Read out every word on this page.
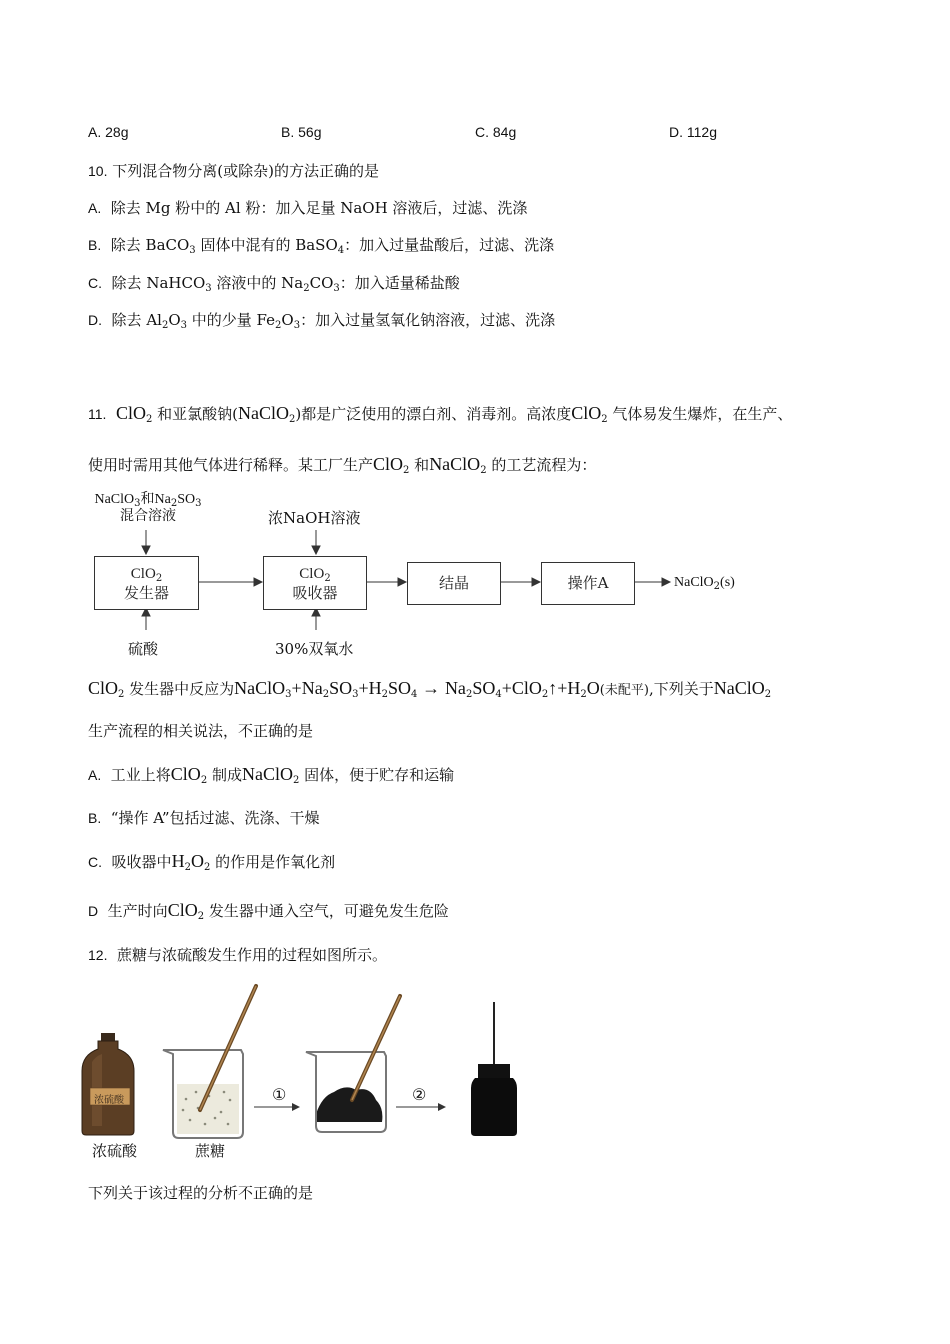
A. 28g	B. 56g	C. 84g	D. 112g
10. 下列混合物分离(或除杂)的方法正确的是
A. 除去 Mg 粉中的 Al 粉：加入足量 NaOH 溶液后，过滤、洗涤
B. 除去 BaCO$_3$ 固体中混有的 BaSO$_4$：加入过量盐酸后，过滤、洗涤
C. 除去 NaHCO$_3$ 溶液中的 $Na_2CO_3$：加入适量稀盐酸
D. 除去 $Al_2O_3$ 中的少量 $Fe_2O_3$：加入过量氢氧化钠溶液，过滤、洗涤
11. ClO$_2$ 和亚氯酸钠(NaClO$_2$)都是广泛使用的漂白剂、消毒剂。高浓度ClO$_2$ 气体易发生爆炸，在生产、
使用时需用其他气体进行稀释。某工厂生产ClO$_2$ 和NaClO$_2$ 的工艺流程为：
NaClO$_3$和$Na_2SO_3$
混合溶液	浓NaOH溶液
ClO$_2$
发生器
ClO$_2$
吸收器
结晶	操作A	NaClO$_2$(s)
硫酸	30%双氧水
ClO$_2$ 发生器中反应为$NaClO_3+Na_2SO_3+H_2SO_4$ → $Na_2SO_4+ClO_2↑+H_2O$(未配平),下列关于NaClO$_2$
生产流程的相关说法，不正确的是
A. 工业上将ClO$_2$ 制成NaClO$_2$ 固体，便于贮存和运输
B. “操作 A”包括过滤、洗涤、干燥
C. 吸收器中$H_2O_2$ 的作用是作氧化剂
D 生产时向ClO$_2$ 发生器中通入空气，可避免发生危险
12. 蔗糖与浓硫酸发生作用的过程如图所示。
浓硫酸	①	②
浓硫酸	蔗糖
下列关于该过程的分析不正确的是
